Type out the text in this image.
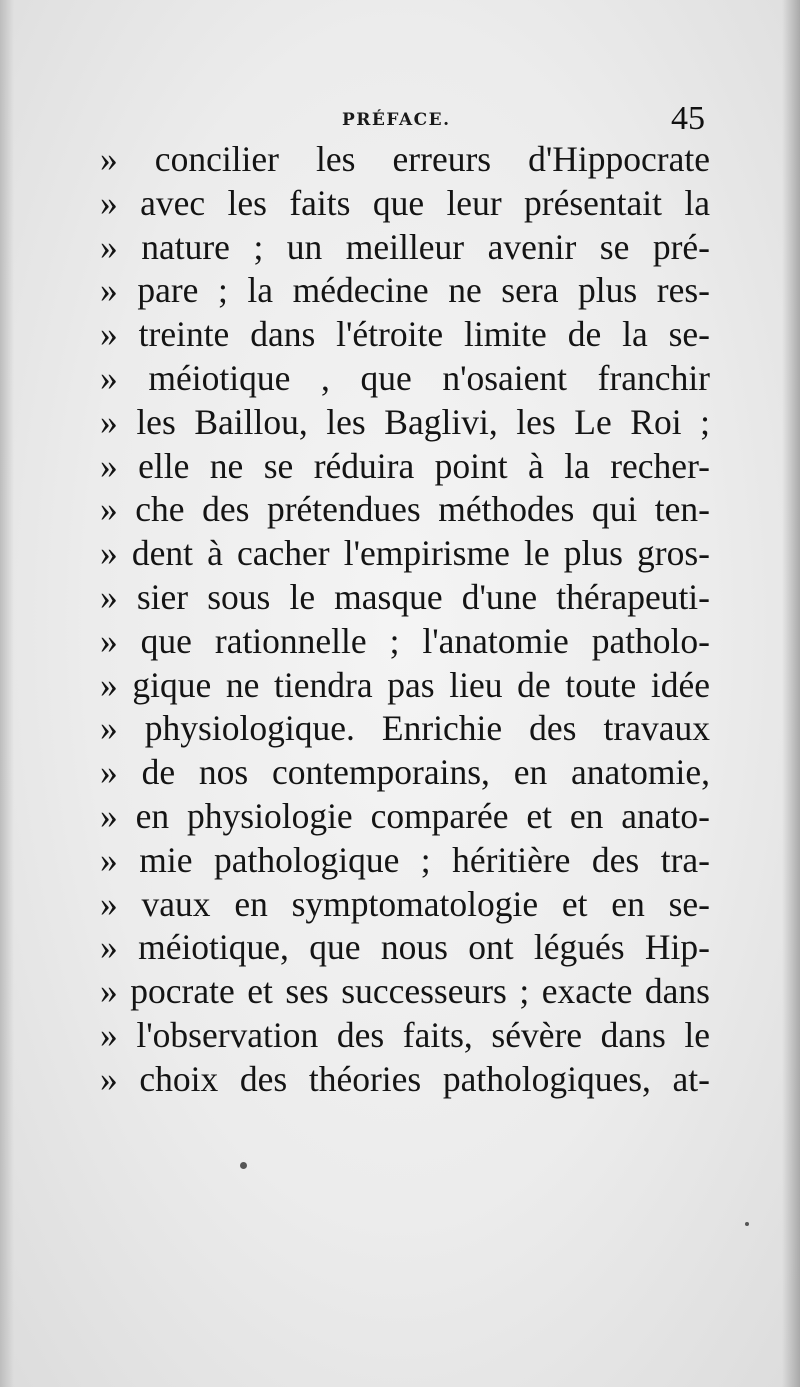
PRÉFACE.	45
» concilier les erreurs d'Hippocrate
» avec les faits que leur présentait la
» nature ; un meilleur avenir se pré-
» pare ; la médecine ne sera plus res-
» treinte dans l'étroite limite de la se-
» méiotique , que n'osaient franchir
» les Baillou, les Baglivi, les Le Roi ;
» elle ne se réduira point à la recher-
» che des prétendues méthodes qui ten-
» dent à cacher l'empirisme le plus gros-
» sier sous le masque d'une thérapeuti-
» que rationnelle ; l'anatomie patholo-
» gique ne tiendra pas lieu de toute idée
» physiologique. Enrichie des travaux
» de nos contemporains, en anatomie,
» en physiologie comparée et en anato-
» mie pathologique ; héritière des tra-
» vaux en symptomatologie et en se-
» méiotique, que nous ont légués Hip-
» pocrate et ses successeurs ; exacte dans
» l'observation des faits, sévère dans le
» choix des théories pathologiques, at-
